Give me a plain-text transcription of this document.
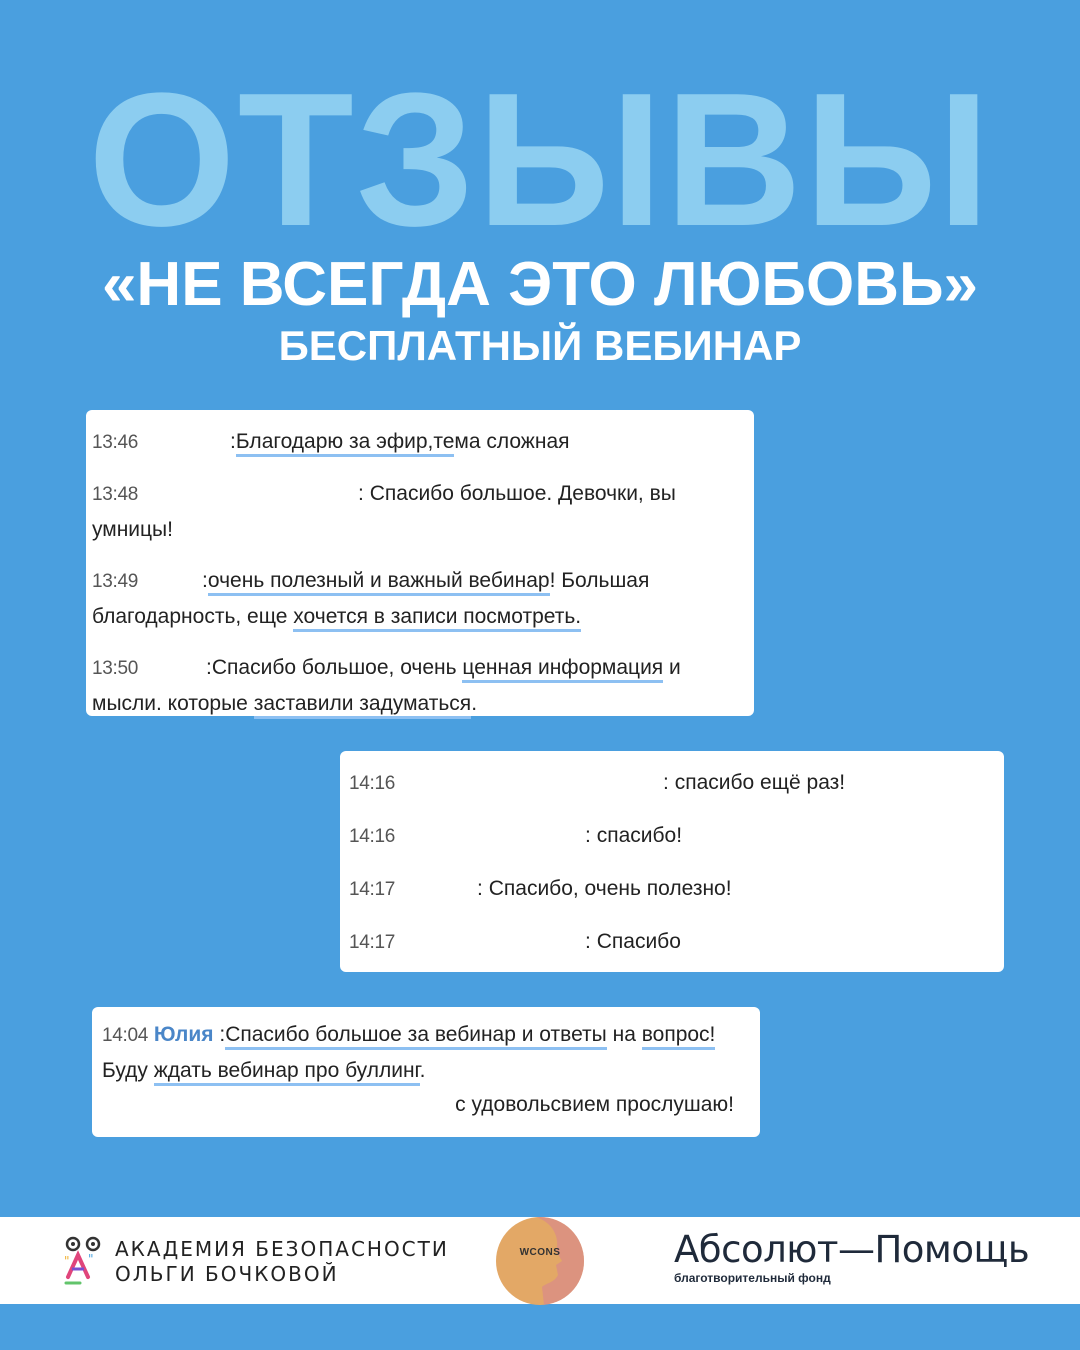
ОТЗЫВЫ
«НЕ ВСЕГДА ЭТО ЛЮБОВЬ»
БЕСПЛАТНЫЙ ВЕБИНАР
13:46	:Благодарю за эфир,тема сложная
13:48	: Спасибо большое. Девочки, вы умницы!
13:49	:очень полезный и важный вебинар! Большая благодарность, еще хочется в записи посмотреть.
13:50	:Спасибо большое, очень ценная информация и мысли. которые заставили задуматься.
14:16	: спасибо ещё раз!
14:16	: спасибо!
14:17	: Спасибо, очень полезно!
14:17	: Спасибо
14:04 Юлия :Спасибо большое за вебинар и ответы на вопрос!Буду ждать вебинар про буллинг.
с удовольсвием прослушаю!
"
" АКАДЕМИЯ БЕЗОПАСНОСТИ
ОЛЬГИ БОЧКОВОЙ
WCONS	Абсолют—Помощь
благотворительный фонд
